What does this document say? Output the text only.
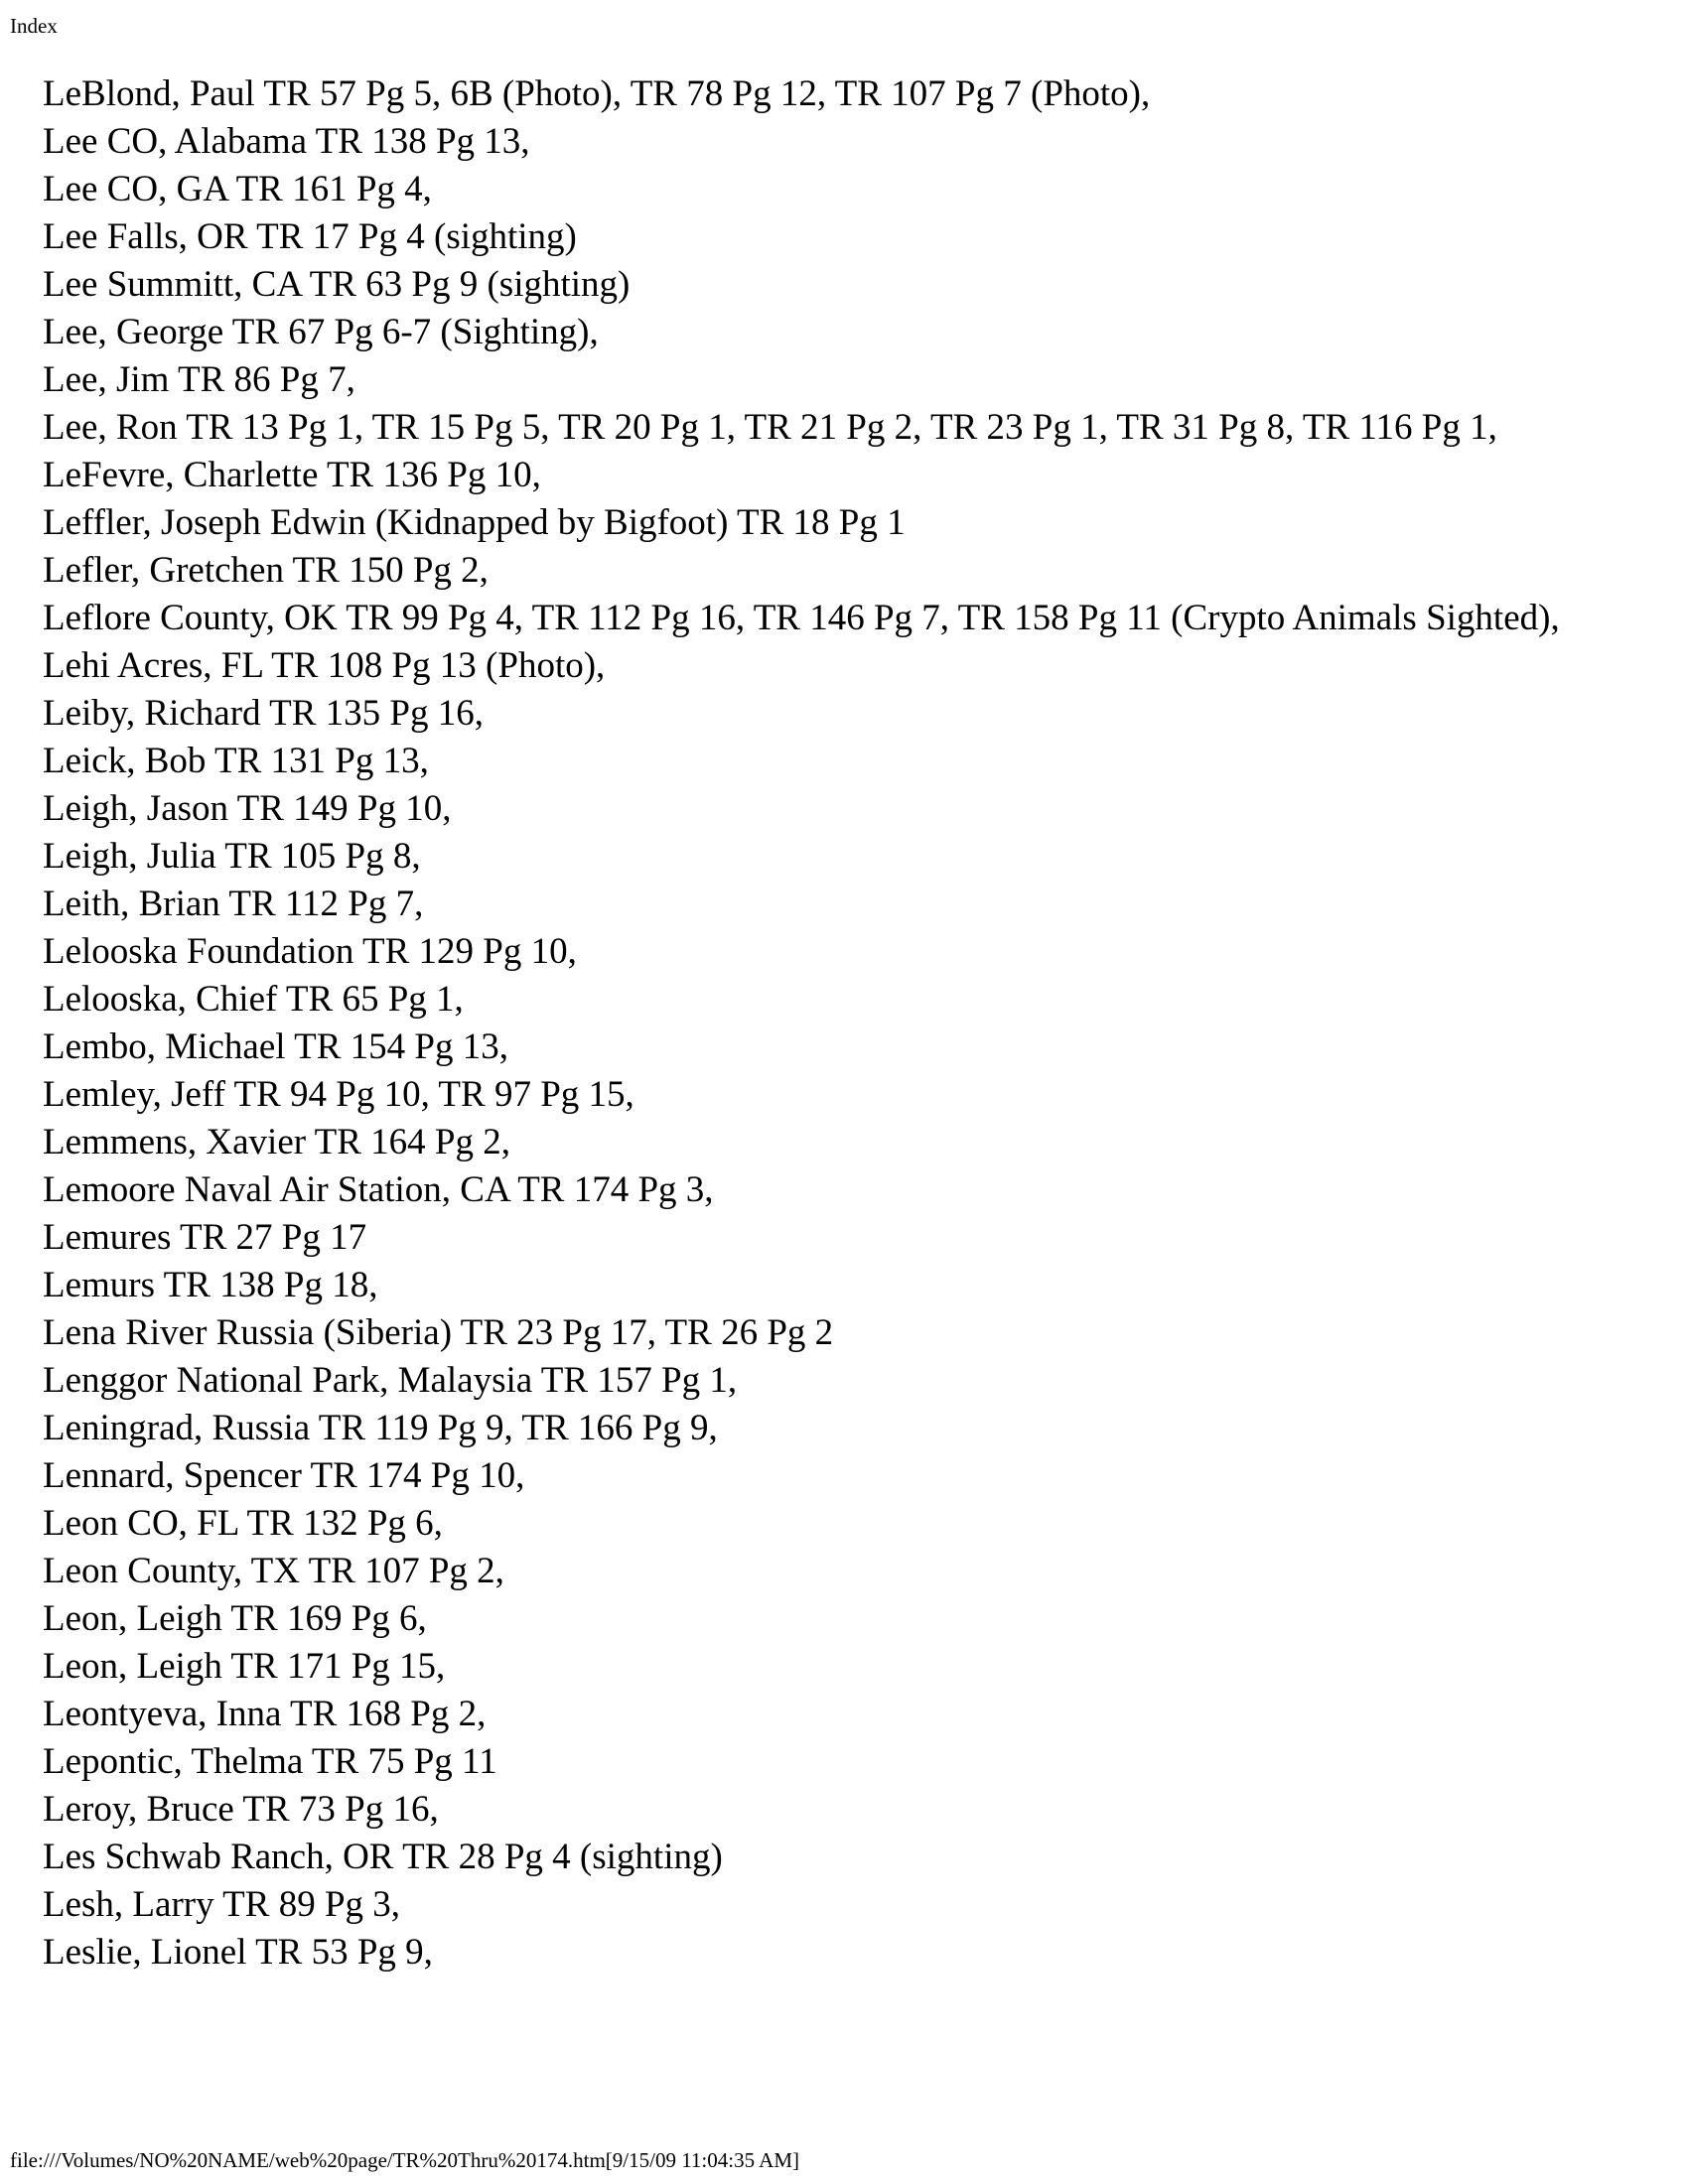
Index
LeBlond, Paul TR 57 Pg 5, 6B (Photo), TR 78 Pg 12, TR 107 Pg 7 (Photo),
Lee CO, Alabama TR 138 Pg 13,
Lee CO, GA TR 161 Pg 4,
Lee Falls, OR TR 17 Pg 4 (sighting)
Lee Summitt, CA TR 63 Pg 9 (sighting)
Lee, George TR 67 Pg 6-7 (Sighting),
Lee, Jim TR 86 Pg 7,
Lee, Ron TR 13 Pg 1, TR 15 Pg 5, TR 20 Pg 1, TR 21 Pg 2, TR 23 Pg 1, TR 31 Pg 8, TR 116 Pg 1,
LeFevre, Charlette TR 136 Pg 10,
Leffler, Joseph Edwin (Kidnapped by Bigfoot) TR 18 Pg 1
Lefler, Gretchen TR 150 Pg 2,
Leflore County, OK TR 99 Pg 4, TR 112 Pg 16, TR 146 Pg 7, TR 158 Pg 11 (Crypto Animals Sighted),
Lehi Acres, FL TR 108 Pg 13 (Photo),
Leiby, Richard TR 135 Pg 16,
Leick, Bob TR 131 Pg 13,
Leigh, Jason TR 149 Pg 10,
Leigh, Julia TR 105 Pg 8,
Leith, Brian TR 112 Pg 7,
Lelooska Foundation TR 129 Pg 10,
Lelooska, Chief TR 65 Pg 1,
Lembo, Michael TR 154 Pg 13,
Lemley, Jeff TR 94 Pg 10, TR 97 Pg 15,
Lemmens, Xavier TR 164 Pg 2,
Lemoore Naval Air Station, CA TR 174 Pg 3,
Lemures TR 27 Pg 17
Lemurs TR 138 Pg 18,
Lena River Russia (Siberia) TR 23 Pg 17, TR 26 Pg 2
Lenggor National Park, Malaysia TR 157 Pg 1,
Leningrad, Russia TR 119 Pg 9, TR 166 Pg 9,
Lennard, Spencer TR 174 Pg 10,
Leon CO, FL TR 132 Pg 6,
Leon County, TX TR 107 Pg 2,
Leon, Leigh TR 169 Pg 6,
Leon, Leigh TR 171 Pg 15,
Leontyeva, Inna TR 168 Pg 2,
Lepontic, Thelma TR 75 Pg 11
Leroy, Bruce TR 73 Pg 16,
Les Schwab Ranch, OR TR 28 Pg 4 (sighting)
Lesh, Larry TR 89 Pg 3,
Leslie, Lionel TR 53 Pg 9,
file:///Volumes/NO%20NAME/web%20page/TR%20Thru%20174.htm[9/15/09 11:04:35 AM]
